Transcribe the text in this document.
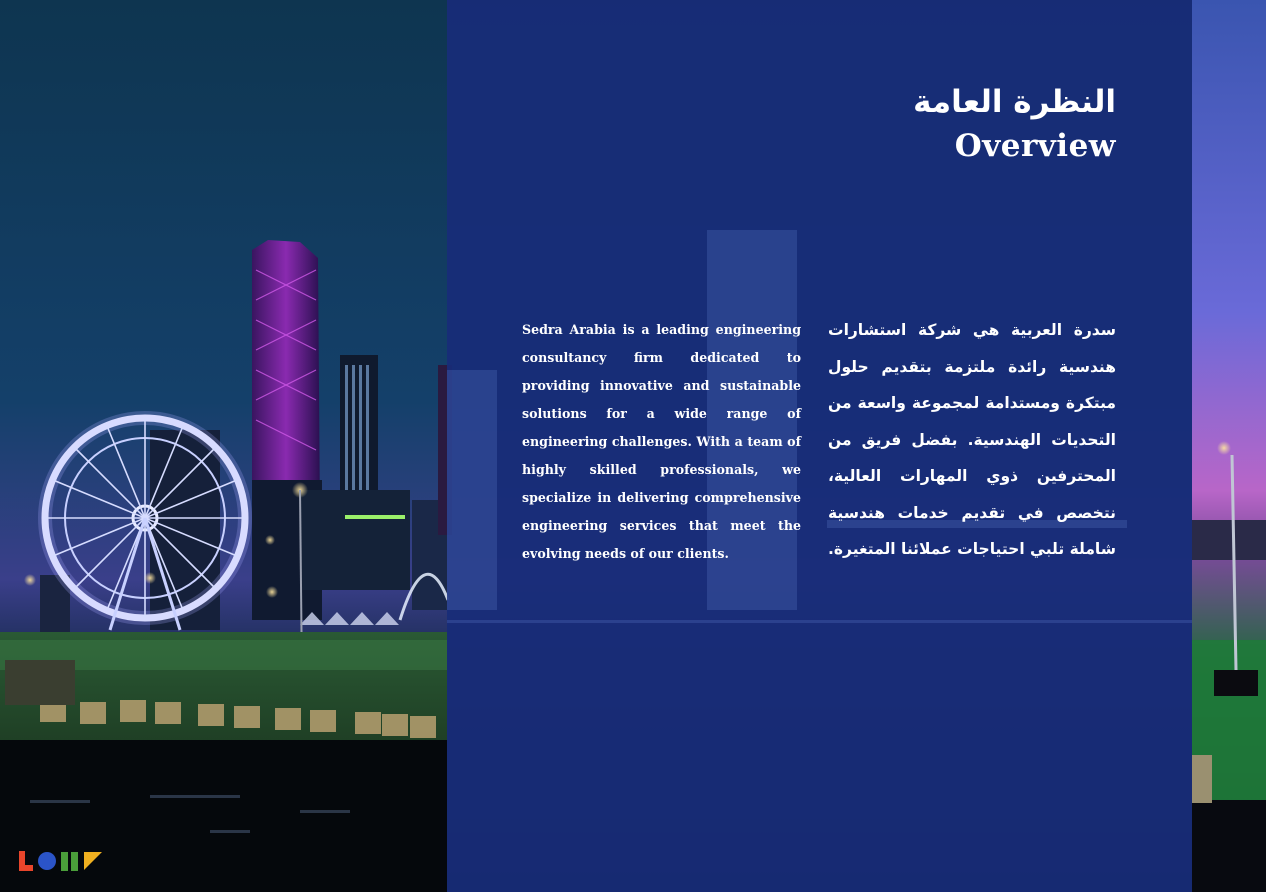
النظرة العامة
Overview

Sedra Arabia is a leading engineering consultancy firm dedicated to providing innovative and sustainable solutions for a wide range of engineering challenges. With a team of highly skilled professionals, we specialize in delivering comprehensive engineering services that meet the evolving needs of our clients.

سدرة العربية هي شركة استشارات هندسية رائدة ملتزمة بتقديم حلول مبتكرة ومستدامة لمجموعة واسعة من التحديات الهندسية. بفضل فريق من المحترفين ذوي المهارات العالية، نتخصص في تقديم خدمات هندسية شاملة تلبي احتياجات عملائنا المتغيرة.
